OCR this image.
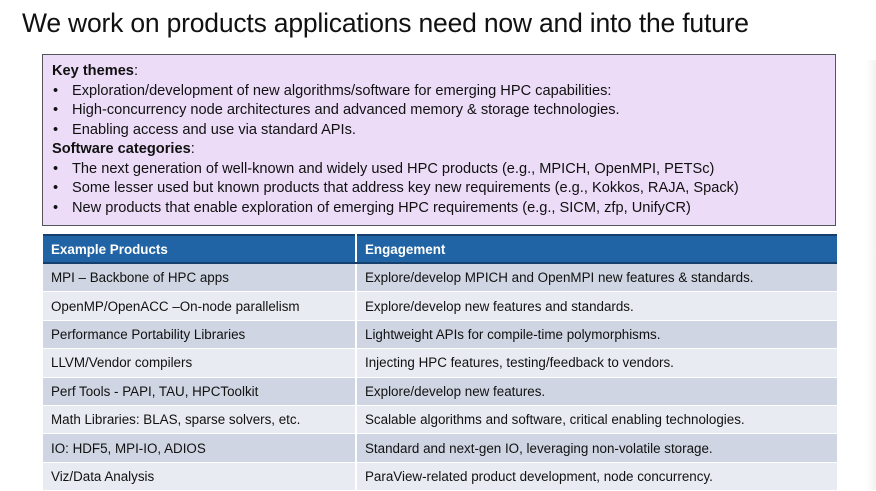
We work on products applications need now and into the future
Key themes:
• Exploration/development of new algorithms/software for emerging HPC capabilities:
• High-concurrency node architectures and advanced memory & storage technologies.
• Enabling access and use via standard APIs.
Software categories:
• The next generation of well-known and widely used HPC products (e.g., MPICH, OpenMPI, PETSc)
• Some lesser used but known products that address key new requirements (e.g., Kokkos, RAJA, Spack)
• New products that enable exploration of emerging HPC requirements (e.g., SICM, zfp, UnifyCR)
Example Products	Engagement
MPI – Backbone of HPC apps	Explore/develop MPICH and OpenMPI new features & standards.
OpenMP/OpenACC –On-node parallelism	Explore/develop new features and standards.
Performance Portability Libraries	Lightweight APIs for compile-time polymorphisms.
LLVM/Vendor compilers	Injecting HPC features, testing/feedback to vendors.
Perf Tools - PAPI, TAU, HPCToolkit	Explore/develop new features.
Math Libraries: BLAS, sparse solvers, etc.	Scalable algorithms and software, critical enabling technologies.
IO: HDF5, MPI-IO, ADIOS	Standard and next-gen IO, leveraging non-volatile storage.
Viz/Data Analysis	ParaView-related product development, node concurrency.
